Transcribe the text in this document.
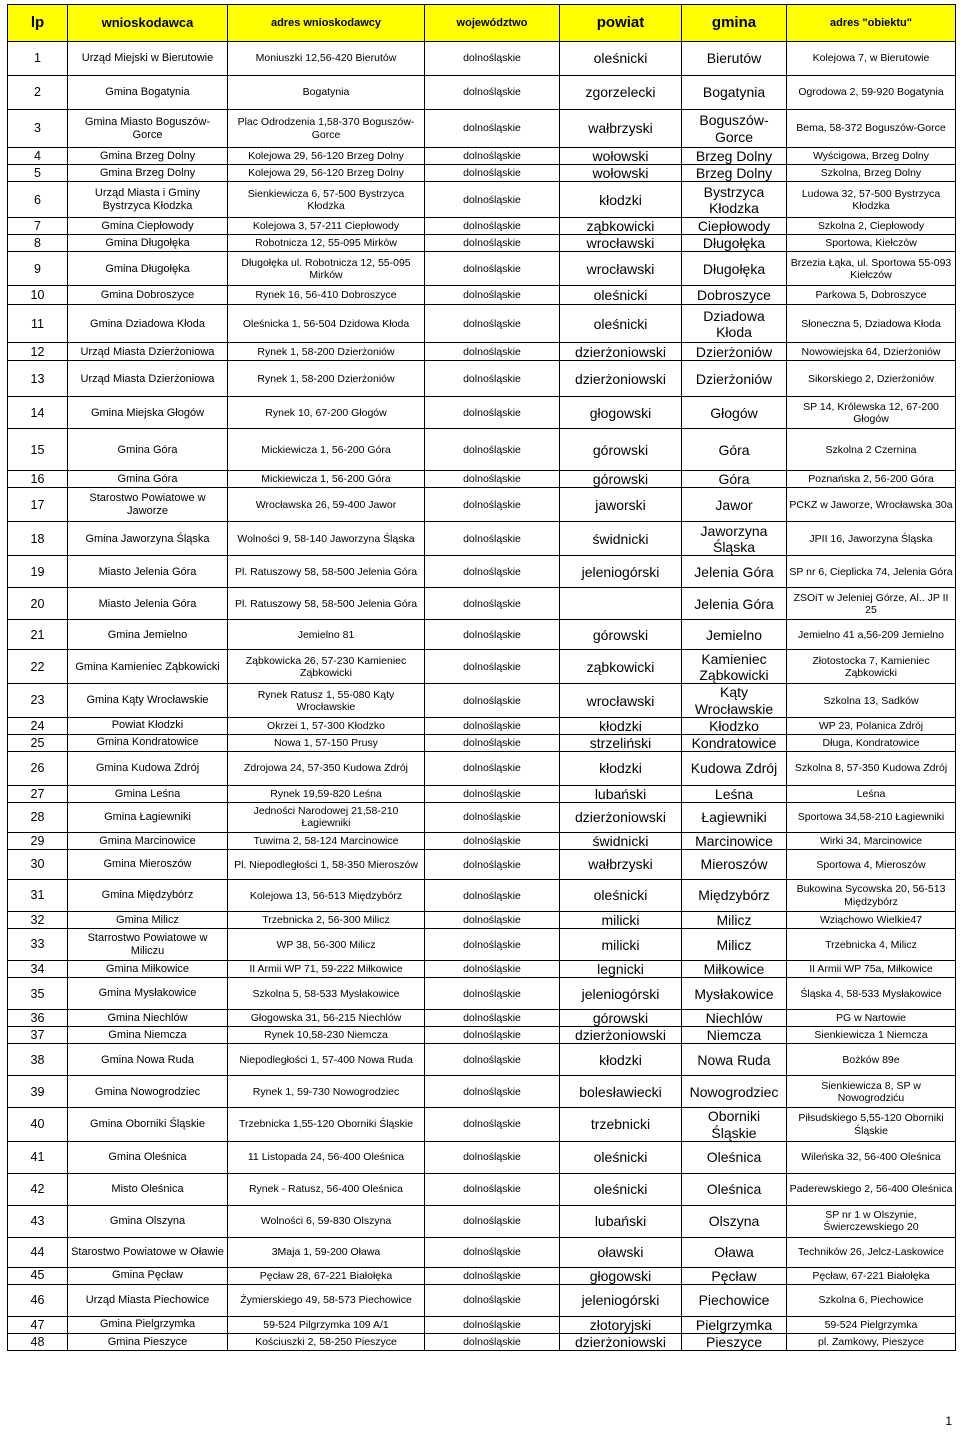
lp	wnioskodawca	adres wnioskodawcy	województwo	powiat	gmina	adres "obiektu"
1	Urząd Miejski w Bierutowie	Moniuszki 12,56-420 Bierutów	dolnośląskie	oleśnicki	Bierutów	Kolejowa 7, w Bierutowie
2	Gmina Bogatynia	Bogatynia	dolnośląskie	zgorzelecki	Bogatynia	Ogrodowa 2, 59-920 Bogatynia
3	Gmina Miasto Boguszów-Gorce	Plac Odrodzenia 1,58-370 Boguszów-Gorce	dolnośląskie	wałbrzyski	Boguszów-Gorce	Bema, 58-372 Boguszów-Gorce
4	Gmina Brzeg Dolny	Kolejowa 29, 56-120 Brzeg Dolny	dolnośląskie	wołowski	Brzeg Dolny	Wyścigowa, Brzeg Dolny
5	Gmina Brzeg Dolny	Kolejowa 29, 56-120 Brzeg Dolny	dolnośląskie	wołowski	Brzeg Dolny	Szkolna, Brzeg Dolny
6	Urząd Miasta i Gminy Bystrzyca Kłodzka	Sienkiewicza 6, 57-500 Bystrzyca Kłodzka	dolnośląskie	kłodzki	Bystrzyca Kłodzka	Ludowa 32, 57-500 Bystrzyca Kłodzka
7	Gmina Ciepłowody	Kolejowa 3, 57-211 Ciepłowody	dolnośląskie	ząbkowicki	Ciepłowody	Szkolna 2, Ciepłowody
8	Gmina Długołęka	Robotnicza 12, 55-095 Mirków	dolnośląskie	wrocławski	Długołęka	Sportowa, Kiełczów
9	Gmina Długołęka	Długołęka ul. Robotnicza 12, 55-095 Mirków	dolnośląskie	wrocławski	Długołęka	Brzezia Łąka, ul. Sportowa 55-093 Kiełczów
10	Gmina Dobroszyce	Rynek 16, 56-410 Dobroszyce	dolnośląskie	oleśnicki	Dobroszyce	Parkowa 5, Dobroszyce
11	Gmina Dziadowa Kłoda	Oleśnicka 1, 56-504 Dzidowa Kłoda	dolnośląskie	oleśnicki	Dziadowa Kłoda	Słoneczna 5, Dziadowa Kłoda
12	Urząd Miasta Dzierżoniowa	Rynek 1, 58-200 Dzierżoniów	dolnośląskie	dzierżoniowski	Dzierżoniów	Nowowiejska 64, Dzierżoniów
13	Urząd Miasta Dzierżoniowa	Rynek 1, 58-200 Dzierżoniów	dolnośląskie	dzierżoniowski	Dzierżoniów	Sikorskiego 2, Dzierżoniów
14	Gmina Miejska Głogów	Rynek 10, 67-200 Głogów	dolnośląskie	głogowski	Głogów	SP 14, Królewska 12, 67-200 Głogów
15	Gmina Góra	Mickiewicza 1, 56-200 Góra	dolnośląskie	górowski	Góra	Szkolna 2 Czernina
16	Gmina Góra	Mickiewicza 1, 56-200 Góra	dolnośląskie	górowski	Góra	Poznańska 2, 56-200 Góra
17	Starostwo Powiatowe w Jaworze	Wrocławska 26, 59-400 Jawor	dolnośląskie	jaworski	Jawor	PCKZ w Jaworze, Wrocławska 30a
18	Gmina Jaworzyna Śląska	Wolności 9, 58-140 Jaworzyna Śląska	dolnośląskie	świdnicki	Jaworzyna Śląska	JPII 16, Jaworzyna Śląska
19	Miasto Jelenia Góra	Pl. Ratuszowy 58, 58-500 Jelenia Góra	dolnośląskie	jeleniogórski	Jelenia Góra	SP nr 6, Cieplicka 74, Jelenia Góra
20	Miasto Jelenia Góra	Pl. Ratuszowy 58, 58-500 Jelenia Góra	dolnośląskie		Jelenia Góra	ZSOiT w Jeleniej Górze, Al.. JP II 25
21	Gmina Jemielno	Jemielno 81	dolnośląskie	górowski	Jemielno	Jemielno 41 a,56-209 Jemielno
22	Gmina Kamieniec Ząbkowicki	Ząbkowicka 26, 57-230 Kamieniec Ząbkowicki	dolnośląskie	ząbkowicki	Kamieniec Ząbkowicki	Złotostocka 7, Kamieniec Ząbkowicki
23	Gmina Kąty Wrocławskie	Rynek Ratusz 1, 55-080 Kąty Wrocławskie	dolnośląskie	wrocławski	Kąty Wrocławskie	Szkolna 13, Sadków
24	Powiat Kłodzki	Okrzei 1, 57-300 Kłodzko	dolnośląskie	kłodzki	Kłodzko	WP 23, Polanica Zdrój
25	Gmina Kondratowice	Nowa 1, 57-150 Prusy	dolnośląskie	strzeliński	Kondratowice	Długa, Kondratowice
26	Gmina Kudowa Zdrój	Zdrojowa 24, 57-350 Kudowa Zdrój	dolnośląskie	kłodzki	Kudowa Zdrój	Szkolna 8, 57-350 Kudowa Zdrój
27	Gmina Leśna	Rynek 19,59-820 Leśna	dolnośląskie	lubański	Leśna	Leśna
28	Gmina Łagiewniki	Jedności Narodowej 21,58-210 Łagiewniki	dolnośląskie	dzierżoniowski	Łagiewniki	Sportowa 34,58-210 Łagiewniki
29	Gmina Marcinowice	Tuwima 2, 58-124 Marcinowice	dolnośląskie	świdnicki	Marcinowice	Wirki 34, Marcinowice
30	Gmina Mieroszów	Pl. Niepodległości 1, 58-350 Mieroszów	dolnośląskie	wałbrzyski	Mieroszów	Sportowa 4, Mieroszów
31	Gmina Międzybórz	Kolejowa 13, 56-513 Międzybórz	dolnośląskie	oleśnicki	Międzybórz	Bukowina Sycowska 20, 56-513 Międzybórz
32	Gmina Milicz	Trzebnicka 2, 56-300 Milicz	dolnośląskie	milicki	Milicz	Wziąchowo Wielkie47
33	Starrostwo Powiatowe w Miliczu	WP 38, 56-300 Milicz	dolnośląskie	milicki	Milicz	Trzebnicka 4, Milicz
34	Gmina Miłkowice	II Armii WP 71, 59-222 Miłkowice	dolnośląskie	legnicki	Miłkowice	II Armii WP 75a, Miłkowice
35	Gmina Mysłakowice	Szkolna 5, 58-533 Mysłakowice	dolnośląskie	jeleniogórski	Mysłakowice	Śląska 4, 58-533 Mysłakowice
36	Gmina Niechlów	Głogowska 31, 56-215 Niechlów	dolnośląskie	górowski	Niechlów	PG w Nartowie
37	Gmina Niemcza	Rynek 10,58-230 Niemcza	dolnośląskie	dzierżoniowski	Niemcza	Sienkiewicza 1 Niemcza
38	Gmina Nowa Ruda	Niepodległości 1, 57-400 Nowa Ruda	dolnośląskie	kłodzki	Nowa Ruda	Bożków 89e
39	Gmina Nowogrodziec	Rynek 1, 59-730 Nowogrodziec	dolnośląskie	bolesławiecki	Nowogrodziec	Sienkiewicza 8, SP w Nowogrodziću
40	Gmina Oborniki Śląskie	Trzebnicka 1,55-120 Oborniki Śląskie	dolnośląskie	trzebnicki	Oborniki Śląskie	Piłsudskiego 5,55-120 Oborniki Śląskie
41	Gmina Oleśnica	11 Listopada 24, 56-400 Oleśnica	dolnośląskie	oleśnicki	Oleśnica	Wileńska 32, 56-400 Oleśnica
42	Misto Oleśnica	Rynek - Ratusz, 56-400 Oleśnica	dolnośląskie	oleśnicki	Oleśnica	Paderewskiego 2, 56-400 Oleśnica
43	Gmina Olszyna	Wolności 6, 59-830 Olszyna	dolnośląskie	lubański	Olszyna	SP nr 1 w Olszynie, Świerczewskiego 20
44	Starostwo Powiatowe w Oławie	3Maja 1, 59-200 Oława	dolnośląskie	oławski	Oława	Techników 26, Jelcz-Laskowice
45	Gmina Pęcław	Pęcław 28, 67-221 Białołęka	dolnośląskie	głogowski	Pęcław	Pęcław, 67-221 Białołęka
46	Urząd Miasta Piechowice	Żymierskiego 49, 58-573 Piechowice	dolnośląskie	jeleniogórski	Piechowice	Szkolna 6, Piechowice
47	Gmina Pielgrzymka	59-524 Pilgrzymka 109 A/1	dolnośląskie	złotoryjski	Pielgrzymka	59-524 Pielgrzymka
48	Gmina Pieszyce	Kościuszki 2, 58-250 Pieszyce	dolnośląskie	dzierżoniowski	Pieszyce	pl. Zamkowy, Pieszyce
1
